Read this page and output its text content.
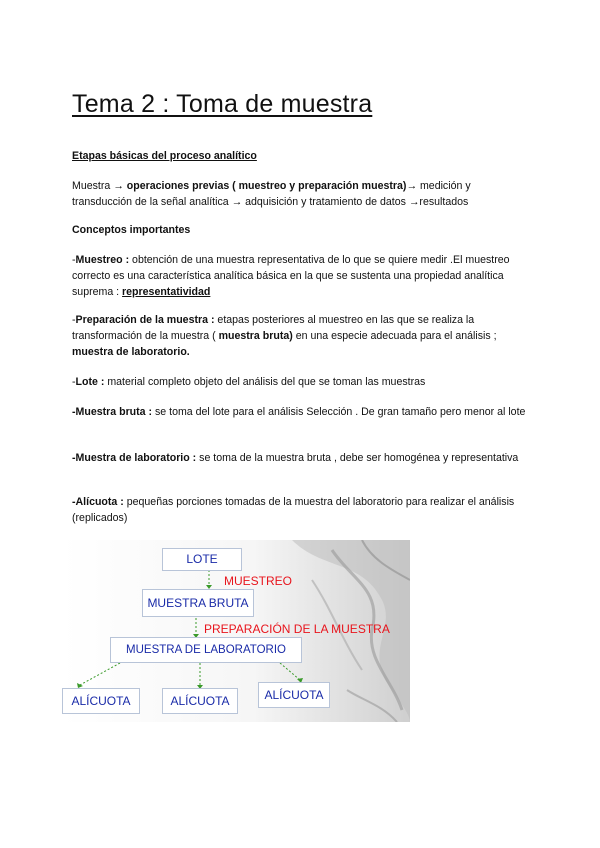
Tema 2 : Toma de muestra

Etapas básicas del proceso analítico

Muestra → operaciones previas ( muestreo y preparación muestra)→ medición y

transducción de la señal analítica → adquisición y tratamiento de datos →resultados

Conceptos importantes

-Muestreo : obtención de una muestra representativa de lo que se quiere medir .El muestreo correcto es una característica analítica básica en la que se sustenta una propiedad analítica suprema : representatividad

-Preparación de la muestra : etapas posteriores al muestreo en las que se realiza la transformación de la muestra ( muestra bruta) en una especie adecuada para el análisis ; muestra de laboratorio.

-Lote : material completo objeto del análisis del que se toman las muestras

-Muestra bruta : se toma del lote para el análisis Selección . De gran tamaño pero menor al lote

-Muestra de laboratorio : se toma de la muestra bruta , debe ser homogénea y representativa

-Alícuota : pequeñas porciones tomadas de la muestra del laboratorio para realizar el análisis (replicados)

LOTE
MUESTREO
MUESTRA BRUTA
PREPARACIÓN DE LA MUESTRA
MUESTRA DE LABORATORIO
ALÍCUOTA	ALÍCUOTA	ALÍCUOTA
